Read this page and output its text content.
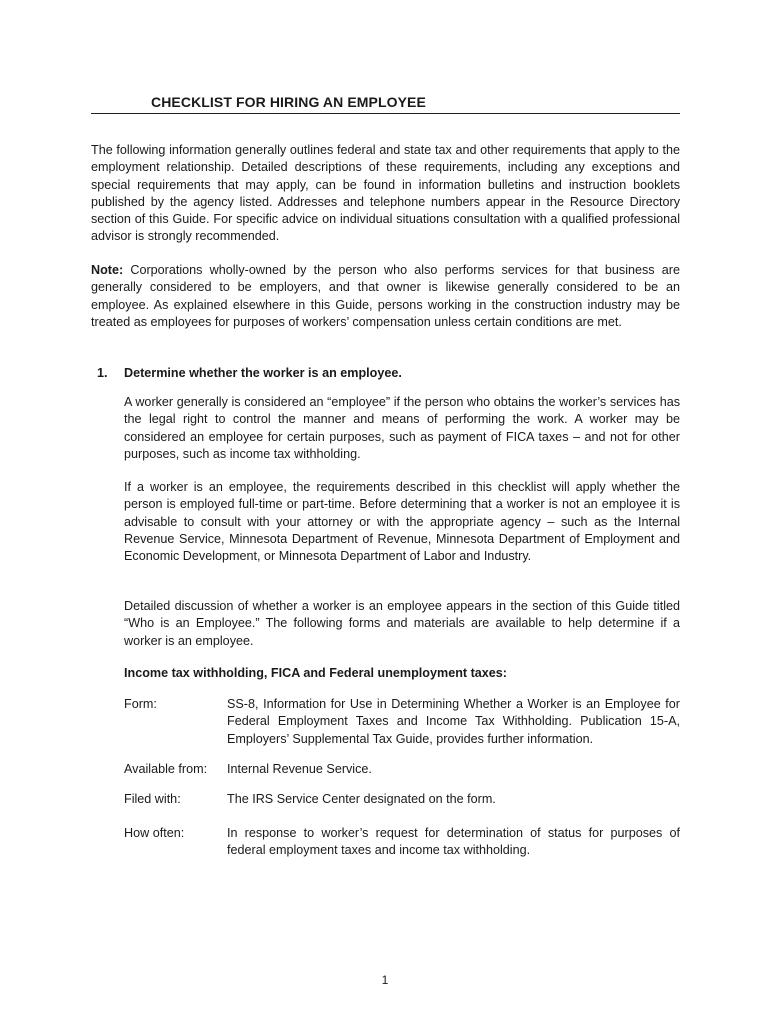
CHECKLIST FOR HIRING AN EMPLOYEE
The following information generally outlines federal and state tax and other requirements that apply to the employment relationship. Detailed descriptions of these requirements, including any exceptions and special requirements that may apply, can be found in information bulletins and instruction booklets published by the agency listed. Addresses and telephone numbers appear in the Resource Directory section of this Guide. For specific advice on individual situations consultation with a qualified professional advisor is strongly recommended.
Note: Corporations wholly-owned by the person who also performs services for that business are generally considered to be employers, and that owner is likewise generally considered to be an employee. As explained elsewhere in this Guide, persons working in the construction industry may be treated as employees for purposes of workers’ compensation unless certain conditions are met.
1. Determine whether the worker is an employee.
A worker generally is considered an “employee” if the person who obtains the worker’s services has the legal right to control the manner and means of performing the work. A worker may be considered an employee for certain purposes, such as payment of FICA taxes – and not for other purposes, such as income tax withholding.
If a worker is an employee, the requirements described in this checklist will apply whether the person is employed full-time or part-time. Before determining that a worker is not an employee it is advisable to consult with your attorney or with the appropriate agency – such as the Internal Revenue Service, Minnesota Department of Revenue, Minnesota Department of Employment and Economic Development, or Minnesota Department of Labor and Industry.
Detailed discussion of whether a worker is an employee appears in the section of this Guide titled “Who is an Employee.” The following forms and materials are available to help determine if a worker is an employee.
Income tax withholding, FICA and Federal unemployment taxes:
Form:	SS-8, Information for Use in Determining Whether a Worker is an Employee for Federal Employment Taxes and Income Tax Withholding. Publication 15-A, Employers’ Supplemental Tax Guide, provides further information.
Available from: Internal Revenue Service.
Filed with:	The IRS Service Center designated on the form.
How often:	In response to worker’s request for determination of status for purposes of federal employment taxes and income tax withholding.
1
